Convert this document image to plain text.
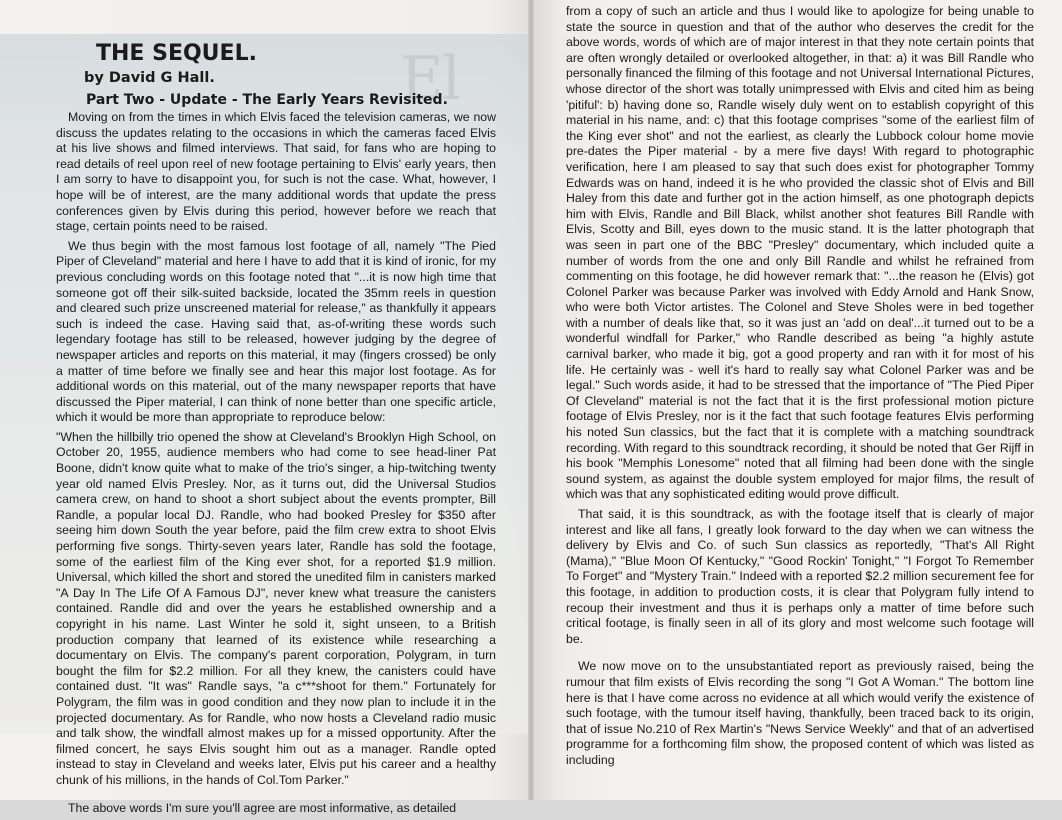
El
THE SEQUEL.
by David G Hall.
Part Two - Update - The Early Years Revisited.

Moving on from the times in which Elvis faced the television cameras, we now discuss the updates relating to the occasions in which the cameras faced Elvis at his live shows and filmed interviews. That said, for fans who are hoping to read details of reel upon reel of new footage pertaining to Elvis' early years, then I am sorry to have to disappoint you, for such is not the case. What, however, I hope will be of interest, are the many additional words that update the press conferences given by Elvis during this period, however before we reach that stage, certain points need to be raised.

We thus begin with the most famous lost footage of all, namely "The Pied Piper of Cleveland" material and here I have to add that it is kind of ironic, for my previous concluding words on this footage noted that "...it is now high time that someone got off their silk-suited backside, located the 35mm reels in question and cleared such prize unscreened material for release," as thankfully it appears such is indeed the case. Having said that, as-of-writing these words such legendary footage has still to be released, however judging by the degree of newspaper articles and reports on this material, it may (fingers crossed) be only a matter of time before we finally see and hear this major lost footage. As for additional words on this material, out of the many newspaper reports that have discussed the Piper material, I can think of none better than one specific article, which it would be more than appropriate to reproduce below:

"When the hillbilly trio opened the show at Cleveland's Brooklyn High School, on October 20, 1955, audience members who had come to see head-liner Pat Boone, didn't know quite what to make of the trio's singer, a hip-twitching twenty year old named Elvis Presley. Nor, as it turns out, did the Universal Studios camera crew, on hand to shoot a short subject about the events prompter, Bill Randle, a popular local DJ. Randle, who had booked Presley for $350 after seeing him down South the year before, paid the film crew extra to shoot Elvis performing five songs. Thirty-seven years later, Randle has sold the footage, some of the earliest film of the King ever shot, for a reported $1.9 million. Universal, which killed the short and stored the unedited film in canisters marked "A Day In The Life Of A Famous DJ", never knew what treasure the canisters contained. Randle did and over the years he established ownership and a copyright in his name. Last Winter he sold it, sight unseen, to a British production company that learned of its existence while researching a documentary on Elvis. The company's parent corporation, Polygram, in turn bought the film for $2.2 million. For all they knew, the canisters could have contained dust. "It was" Randle says, "a c***shoot for them." Fortunately for Polygram, the film was in good condition and they now plan to include it in the projected documentary. As for Randle, who now hosts a Cleveland radio music and talk show, the windfall almost makes up for a missed opportunity. After the filmed concert, he says Elvis sought him out as a manager. Randle opted instead to stay in Cleveland and weeks later, Elvis put his career and a healthy chunk of his millions, in the hands of Col.Tom Parker."

The above words I'm sure you'll agree are most informative, as detailed

from a copy of such an article and thus I would like to apologize for being unable to state the source in question and that of the author who deserves the credit for the above words, words of which are of major interest in that they note certain points that are often wrongly detailed or overlooked altogether, in that: a) it was Bill Randle who personally financed the filming of this footage and not Universal International Pictures, whose director of the short was totally unimpressed with Elvis and cited him as being 'pitiful': b) having done so, Randle wisely duly went on to establish copyright of this material in his name, and: c) that this footage comprises "some of the earliest film of the King ever shot" and not the earliest, as clearly the Lubbock colour home movie pre-dates the Piper material - by a mere five days! With regard to photographic verification, here I am pleased to say that such does exist for photographer Tommy Edwards was on hand, indeed it is he who provided the classic shot of Elvis and Bill Haley from this date and further got in the action himself, as one photograph depicts him with Elvis, Randle and Bill Black, whilst another shot features Bill Randle with Elvis, Scotty and Bill, eyes down to the music stand. It is the latter photograph that was seen in part one of the BBC "Presley" documentary, which included quite a number of words from the one and only Bill Randle and whilst he refrained from commenting on this footage, he did however remark that: "...the reason he (Elvis) got Colonel Parker was because Parker was involved with Eddy Arnold and Hank Snow, who were both Victor artistes. The Colonel and Steve Sholes were in bed together with a number of deals like that, so it was just an 'add on deal'...it turned out to be a wonderful windfall for Parker," who Randle described as being "a highly astute carnival barker, who made it big, got a good property and ran with it for most of his life. He certainly was - well it's hard to really say what Colonel Parker was and be legal." Such words aside, it had to be stressed that the importance of "The Pied Piper Of Cleveland" material is not the fact that it is the first professional motion picture footage of Elvis Presley, nor is it the fact that such footage features Elvis performing his noted Sun classics, but the fact that it is complete with a matching soundtrack recording. With regard to this soundtrack recording, it should be noted that Ger Rijff in his book "Memphis Lonesome" noted that all filming had been done with the single sound system, as against the double system employed for major films, the result of which was that any sophisticated editing would prove difficult.

That said, it is this soundtrack, as with the footage itself that is clearly of major interest and like all fans, I greatly look forward to the day when we can witness the delivery by Elvis and Co. of such Sun classics as reportedly, "That's All Right (Mama)," "Blue Moon Of Kentucky," "Good Rockin' Tonight," "I Forgot To Remember To Forget" and "Mystery Train." Indeed with a reported $2.2 million securement fee for this footage, in addition to production costs, it is clear that Polygram fully intend to recoup their investment and thus it is perhaps only a matter of time before such critical footage, is finally seen in all of its glory and most welcome such footage will be.

We now move on to the unsubstantiated report as previously raised, being the rumour that film exists of Elvis recording the song "I Got A Woman." The bottom line here is that I have come across no evidence at all which would verify the existence of such footage, with the tumour itself having, thankfully, been traced back to its origin, that of issue No.210 of Rex Martin's "News Service Weekly" and that of an advertised programme for a forthcoming film show, the proposed content of which was listed as including
